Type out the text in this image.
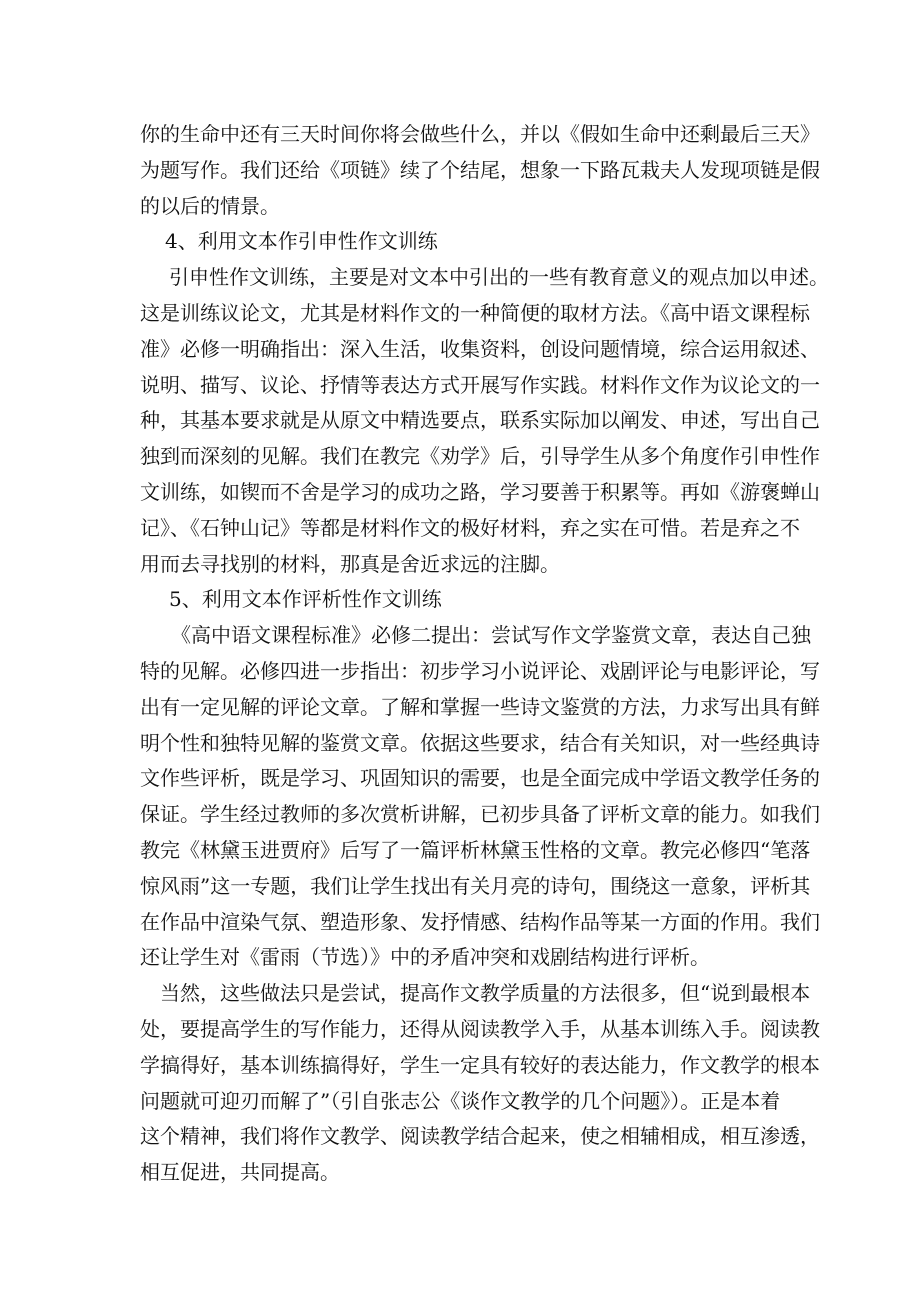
你的生命中还有三天时间你将会做些什么，并以《假如生命中还剩最后三天》
为题写作。我们还给《项链》续了个结尾，想象一下路瓦栽夫人发现项链是假
的以后的情景。
4、利用文本作引申性作文训练
引申性作文训练，主要是对文本中引出的一些有教育意义的观点加以申述。
这是训练议论文，尤其是材料作文的一种简便的取材方法。《高中语文课程标
准》必修一明确指出：深入生活，收集资料，创设问题情境，综合运用叙述、
说明、描写、议论、抒情等表达方式开展写作实践。材料作文作为议论文的一
种，其基本要求就是从原文中精选要点，联系实际加以阐发、申述，写出自己
独到而深刻的见解。我们在教完《劝学》后，引导学生从多个角度作引申性作
文训练，如锲而不舍是学习的成功之路，学习要善于积累等。再如《游褒蝉山
记》、《石钟山记》等都是材料作文的极好材料，弃之实在可惜。若是弃之不
用而去寻找别的材料，那真是舍近求远的注脚。
5、利用文本作评析性作文训练
《高中语文课程标准》必修二提出：尝试写作文学鉴赏文章，表达自己独
特的见解。必修四进一步指出：初步学习小说评论、戏剧评论与电影评论，写
出有一定见解的评论文章。了解和掌握一些诗文鉴赏的方法，力求写出具有鲜
明个性和独特见解的鉴赏文章。依据这些要求，结合有关知识，对一些经典诗
文作些评析，既是学习、巩固知识的需要，也是全面完成中学语文教学任务的
保证。学生经过教师的多次赏析讲解，已初步具备了评析文章的能力。如我们
教完《林黛玉进贾府》后写了一篇评析林黛玉性格的文章。教完必修四“笔落
惊风雨”这一专题，我们让学生找出有关月亮的诗句，围绕这一意象，评析其
在作品中渲染气氛、塑造形象、发抒情感、结构作品等某一方面的作用。我们
还让学生对《雷雨（节选）》中的矛盾冲突和戏剧结构进行评析。
当然，这些做法只是尝试，提高作文教学质量的方法很多，但“说到最根本
处，要提高学生的写作能力，还得从阅读教学入手，从基本训练入手。阅读教
学搞得好，基本训练搞得好，学生一定具有较好的表达能力，作文教学的根本
问题就可迎刃而解了”（引自张志公《谈作文教学的几个问题》）。正是本着
这个精神，我们将作文教学、阅读教学结合起来，使之相辅相成，相互渗透，
相互促进，共同提高。
